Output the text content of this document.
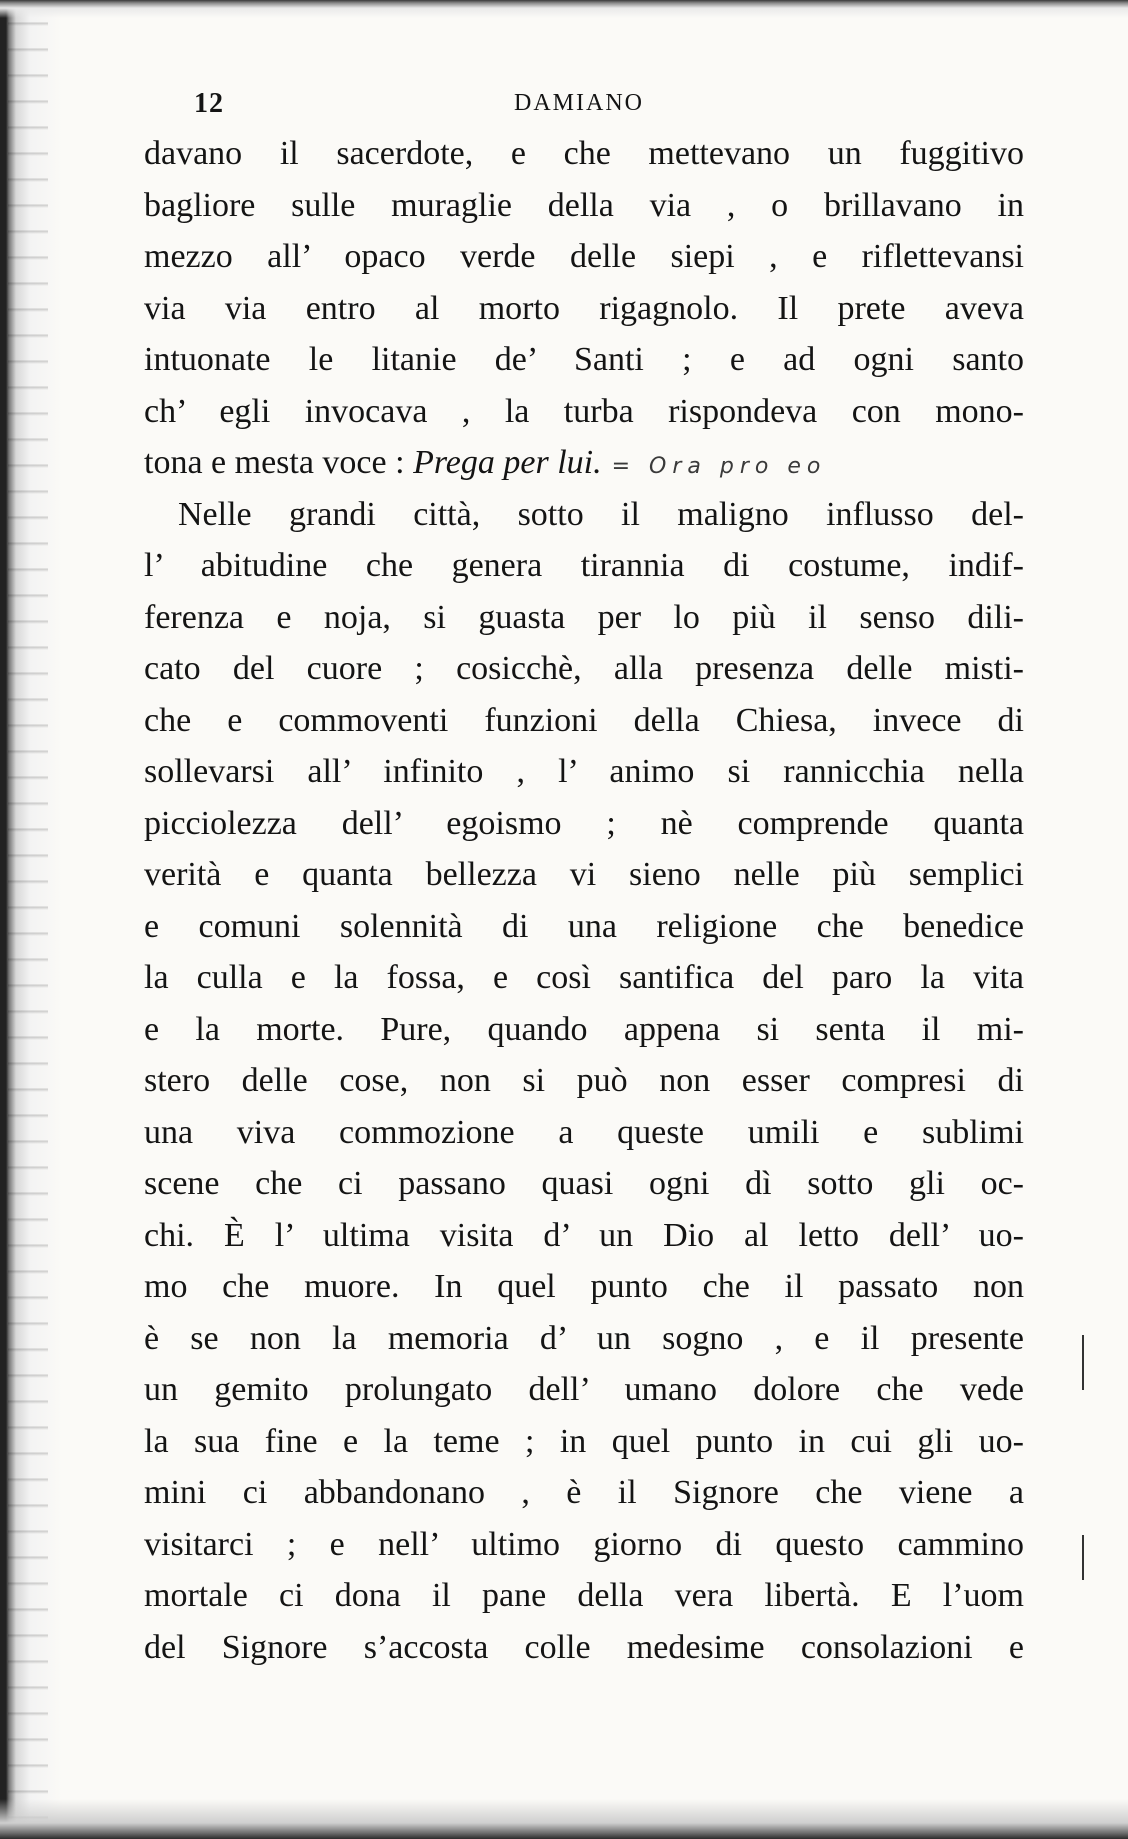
12	DAMIANO
davano il sacerdote, e che mettevano un fuggitivo
bagliore sulle muraglie della via , o brillavano in
mezzo all’ opaco verde delle siepi , e riflettevansi
via via entro al morto rigagnolo. Il prete aveva
intuonate le litanie de’ Santi ; e ad ogni santo
ch’ egli invocava , la turba rispondeva con mono-
tona e mesta voce : Prega per lui. = Ora pro eo
Nelle grandi città, sotto il maligno influsso del-
l’ abitudine che genera tirannia di costume, indif-
ferenza e noja, si guasta per lo più il senso dili-
cato del cuore ; cosicchè, alla presenza delle misti-
che e commoventi funzioni della Chiesa, invece di
sollevarsi all’ infinito , l’ animo si rannicchia nella
picciolezza dell’ egoismo ; nè comprende quanta
verità e quanta bellezza vi sieno nelle più semplici
e comuni solennità di una religione che benedice
la culla e la fossa, e così santifica del paro la vita
e la morte. Pure, quando appena si senta il mi-
stero delle cose, non si può non esser compresi di
una viva commozione a queste umili e sublimi
scene che ci passano quasi ogni dì sotto gli oc-
chi. È l’ ultima visita d’ un Dio al letto dell’ uo-
mo che muore. In quel punto che il passato non
è se non la memoria d’ un sogno , e il presente
un gemito prolungato dell’ umano dolore che vede
la sua fine e la teme ; in quel punto in cui gli uo-
mini ci abbandonano , è il Signore che viene a
visitarci ; e nell’ ultimo giorno di questo cammino
mortale ci dona il pane della vera libertà. E l’uom
del Signore s’accosta colle medesime consolazioni e
